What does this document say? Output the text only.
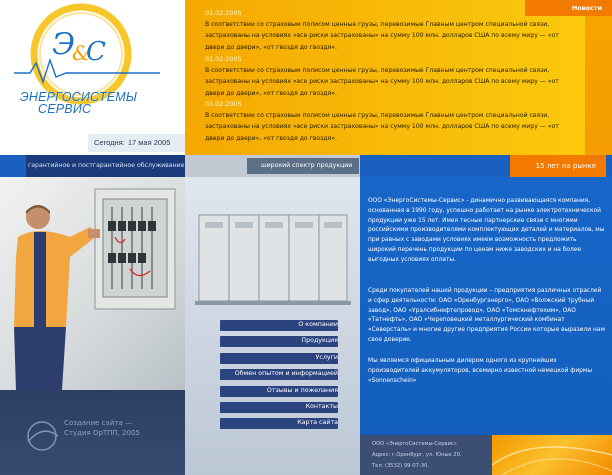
Э
&
С
ЭНЕРГОСИСТЕМЫ
СЕРВИС
Сегодня: 17 мая 2005
01.02.2005
В соответствии со страховым полисом ценные грузы, перевозимые Главным центром специальной связи, застрахованы на условиях «все риски застрахованы» на сумму 100 млн. долларов США по всему миру — «от двери до двери», «от гвоздя до гвоздя».
01.02.2005
В соответствии со страховым полисом ценные грузы, перевозимые Главным центром специальной связи, застрахованы на условиях «все риски застрахованы» на сумму 100 млн. долларов США по всему миру — «от двери до двери», «от гвоздя до гвоздя».
01.02.2005
В соответствии со страховым полисом ценные грузы, перевозимые Главным центром специальной связи, застрахованы на условиях «все риски застрахованы» на сумму 100 млн. долларов США по всему миру — «от двери до двери», «от гвоздя до гвоздя».
Новости
гарантийное и постгарантийное обслуживание	широкий спектр продукции	15 лет на рынке
О компании
Продукция
Услуги
Обмен опытом и информацией
Отзывы и пожелания
Контакты
Карта сайта
ООО «ЭнергоСистемы-Сервис» - динамично развивающаяся компания, основанная в 1990 году, успешно работает на рынке электротехнической продукции уже 15 лет. Имея тесные партнерские связи с многими российскими производителями комплектующих деталей и материалов, мы при равных с заводами условиях имеем возможность предложить широкий перечень продукции по ценам ниже заводских и на более выгодных условиях оплаты.
Среди покупателей нашей продукции – предприятия различных отраслей и сфер деятельности: ОАО «Оренбургэнерго», ОАО «Волжский трубный завод», ОАО «Уралсибнефтепровод», ОАО «Томскнефтехим», ОАО «Татнефть», ОАО «Череповецкий металлургический комбинат «Северсталь» и многие другие предприятия России которые выразили нам свое доверие.
Мы являемся официальным дилером одного из крупнейших производителей аккумуляторов, всемирно известной немецкой фирмы «Sonnenschein»
Создание сайта —
Студия ОрТПП, 2005
ООО «ЭнергоСистемы-Сервис»
Адрес: г.Оренбург, ул. Юных 20.
Тел. (3532) 99-07-30.
